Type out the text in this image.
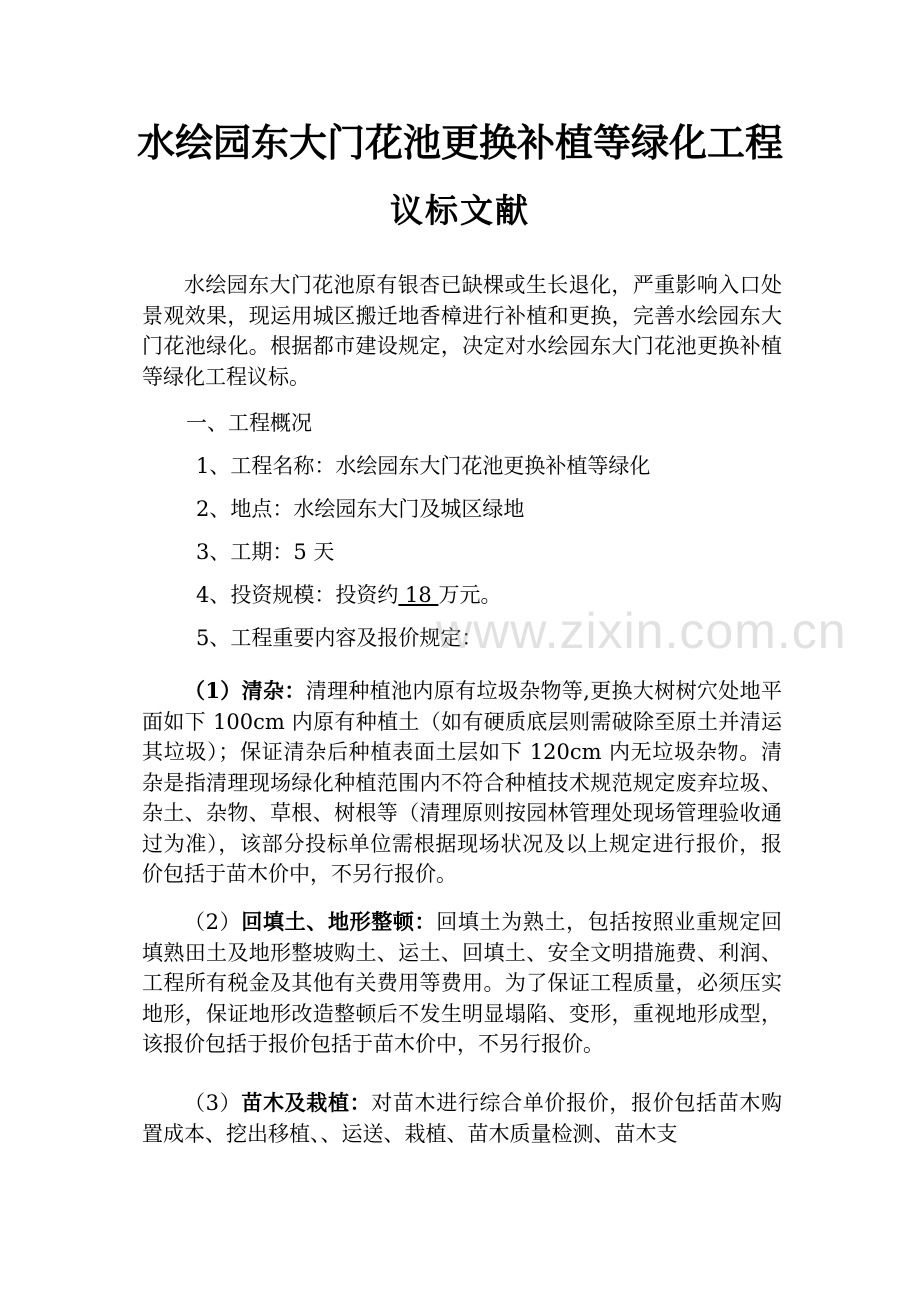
水绘园东大门花池更换补植等绿化工程
议标文献

水绘园东大门花池原有银杏已缺棵或生长退化，严重影响入口处景观效果，现运用城区搬迁地香樟进行补植和更换，完善水绘园东大门花池绿化。根据都市建设规定，决定对水绘园东大门花池更换补植等绿化工程议标。

一、工程概况

1、工程名称：水绘园东大门花池更换补植等绿化

2、地点：水绘园东大门及城区绿地

3、工期：5 天

4、投资规模：投资约 18 万元。

5、工程重要内容及报价规定：

（1）清杂：清理种植池内原有垃圾杂物等,更换大树树穴处地平面如下 100cm 内原有种植土（如有硬质底层则需破除至原土并清运其垃圾）；保证清杂后种植表面土层如下 120cm 内无垃圾杂物。清杂是指清理现场绿化种植范围内不符合种植技术规范规定废弃垃圾、杂土、杂物、草根、树根等（清理原则按园林管理处现场管理验收通过为准），该部分投标单位需根据现场状况及以上规定进行报价，报价包括于苗木价中，不另行报价。

（2）回填土、地形整顿：回填土为熟土，包括按照业重规定回填熟田土及地形整坡购土、运土、回填土、安全文明措施费、利润、工程所有税金及其他有关费用等费用。为了保证工程质量，必须压实地形，保证地形改造整顿后不发生明显塌陷、变形，重视地形成型，该报价包括于报价包括于苗木价中，不另行报价。

（3）苗木及栽植：对苗木进行综合单价报价，报价包括苗木购置成本、挖出移植、、运送、栽植、苗木质量检测、苗木支

www.zixin.com.cn
